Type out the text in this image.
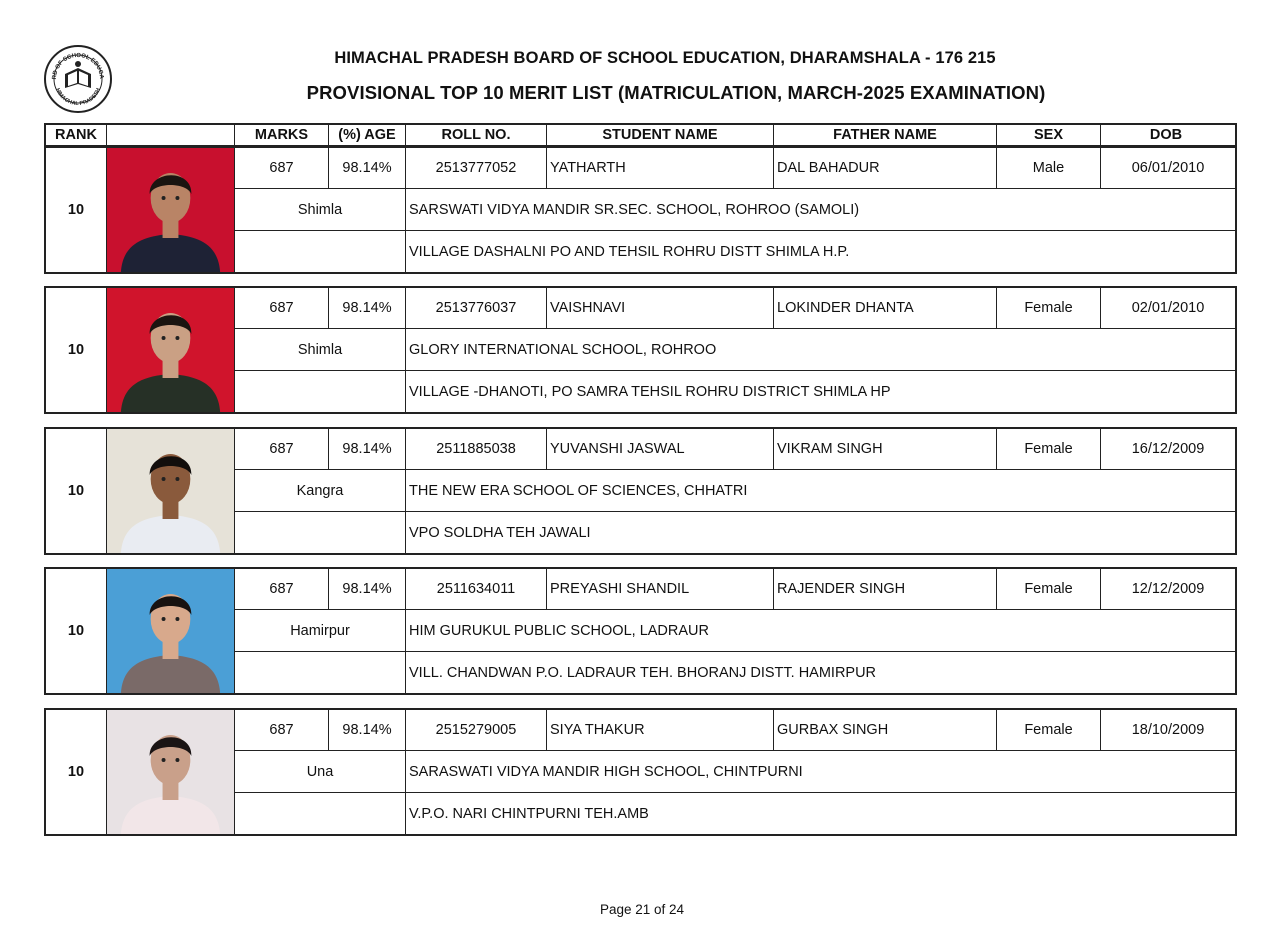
RD OF SCHOOL EDUCA
HIMACHAL PRADESH
HIMACHAL PRADESH BOARD OF SCHOOL EDUCATION, DHARAMSHALA - 176 215
PROVISIONAL TOP 10 MERIT LIST (MATRICULATION, MARCH-2025 EXAMINATION)
RANK	MARKS	(%) AGE	ROLL NO.	STUDENT NAME	FATHER NAME	SEX	DOB
10
687	98.14%	2513777052	YATHARTH	DAL BAHADUR	Male	06/01/2010
Shimla	SARSWATI VIDYA MANDIR SR.SEC. SCHOOL, ROHROO (SAMOLI)
VILLAGE DASHALNI PO AND TEHSIL ROHRU DISTT SHIMLA H.P.
10
687	98.14%	2513776037	VAISHNAVI	LOKINDER DHANTA	Female	02/01/2010
Shimla	GLORY INTERNATIONAL SCHOOL, ROHROO
VILLAGE -DHANOTI, PO SAMRA TEHSIL ROHRU DISTRICT SHIMLA HP
10
687	98.14%	2511885038	YUVANSHI JASWAL	VIKRAM SINGH	Female	16/12/2009
Kangra	THE NEW ERA SCHOOL OF SCIENCES, CHHATRI
VPO SOLDHA TEH JAWALI
10
687	98.14%	2511634011	PREYASHI SHANDIL	RAJENDER SINGH	Female	12/12/2009
Hamirpur	HIM GURUKUL PUBLIC SCHOOL, LADRAUR
VILL. CHANDWAN P.O. LADRAUR TEH. BHORANJ DISTT. HAMIRPUR
10
687	98.14%	2515279005	SIYA THAKUR	GURBAX SINGH	Female	18/10/2009
Una	SARASWATI VIDYA MANDIR HIGH SCHOOL, CHINTPURNI
V.P.O. NARI CHINTPURNI TEH.AMB
Page 21 of 24
